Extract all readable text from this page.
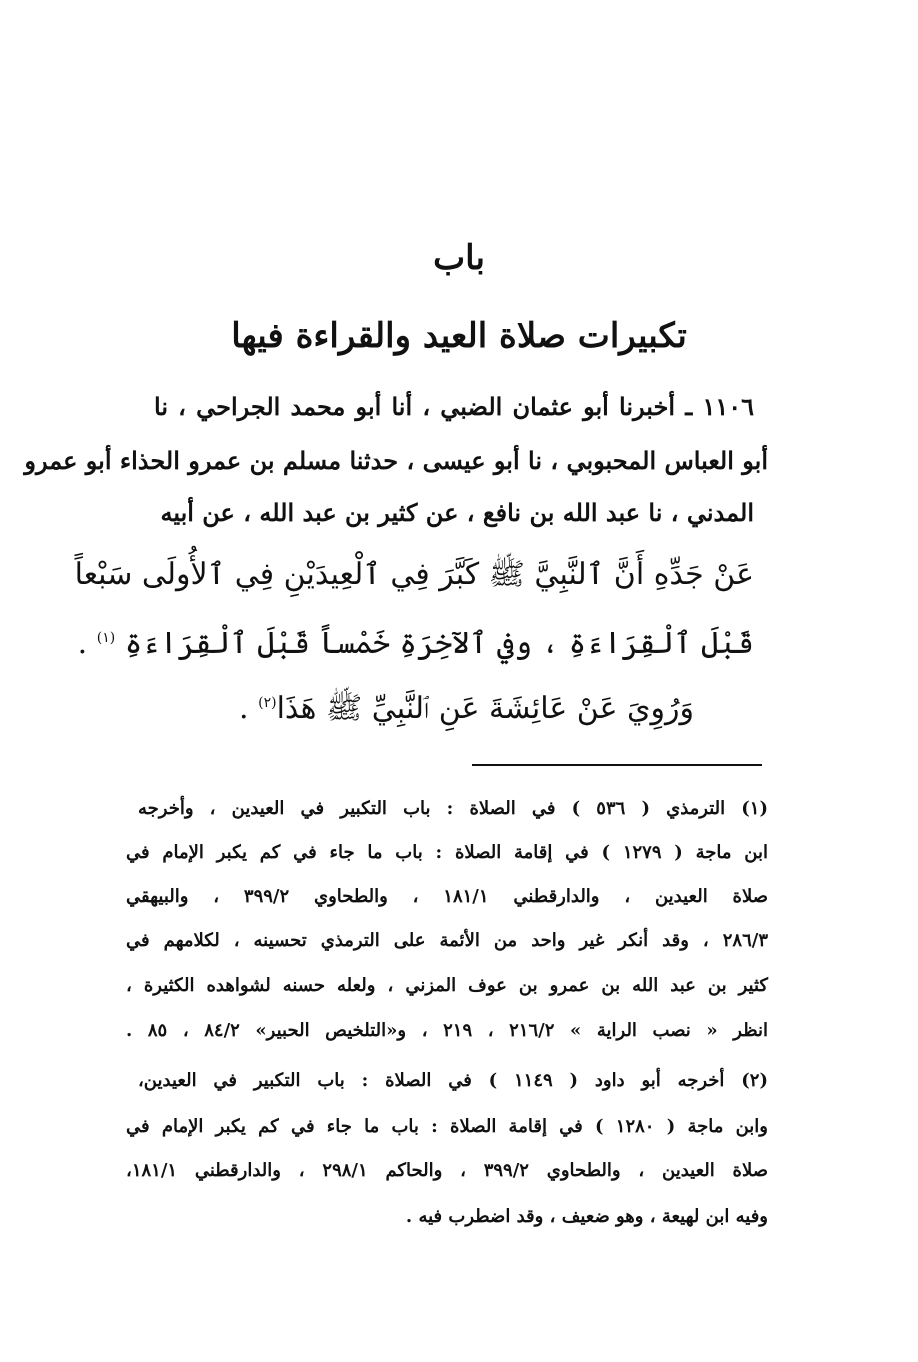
باب
تكبيرات صلاة العيد والقراءة فيها
١١٠٦ ـ أخبرنا أبو عثمان الضبي ، أنا أبو محمد الجراحي ، نا
أبو العباس المحبوبي ، نا أبو عيسى ، حدثنا مسلم بن عمرو الحذاء أبو عمرو
المدني ، نا عبد الله بن نافع ، عن كثير بن عبد الله ، عن أبيه
عَنْ جَدِّهِ أَنَّ ٱلنَّبِيَّ ﷺ كَبَّرَ فِي ٱلْعِيدَيْنِ فِي ٱلأُولَى سَبْعاً
قَبْلَ ٱلْقِرَاءَةِ ، وفي ٱلآخِرَةِ خَمْساً قَبْلَ ٱلْقِرَاءَةِ $^{(١)}$ .
وَرُوِيَ عَنْ عَائِشَةَ عَنِ ٱلنَّبِيِّ ﷺ هَذَا$^{(٢)}$ .
(١) الترمذي ( ٥٣٦ ) في الصلاة : باب التكبير في العيدين ، وأخرجه
ابن ماجة ( ١٢٧٩ ) في إقامة الصلاة : باب ما جاء في كم يكبر الإمام في
صلاة العيدين ، والدارقطني ١٨١/١ ، والطحاوي ٣٩٩/٢ ، والبيهقي
٢٨٦/٣ ، وقد أنكر غير واحد من الأئمة على الترمذي تحسينه ، لكلامهم في
كثير بن عبد الله بن عمرو بن عوف المزني ، ولعله حسنه لشواهده الكثيرة ،
انظر « نصب الراية » ٢١٦/٢ ، ٢١٩ ، و«التلخيص الحبير» ٨٤/٢ ، ٨٥ .
(٢) أخرجه أبو داود ( ١١٤٩ ) في الصلاة : باب التكبير في العيدين،
وابن ماجة ( ١٢٨٠ ) في إقامة الصلاة : باب ما جاء في كم يكبر الإمام في
صلاة العيدين ، والطحاوي ٣٩٩/٢ ، والحاكم ٢٩٨/١ ، والدارقطني ١٨١/١،
وفيه ابن لهيعة ، وهو ضعيف ، وقد اضطرب فيه .
